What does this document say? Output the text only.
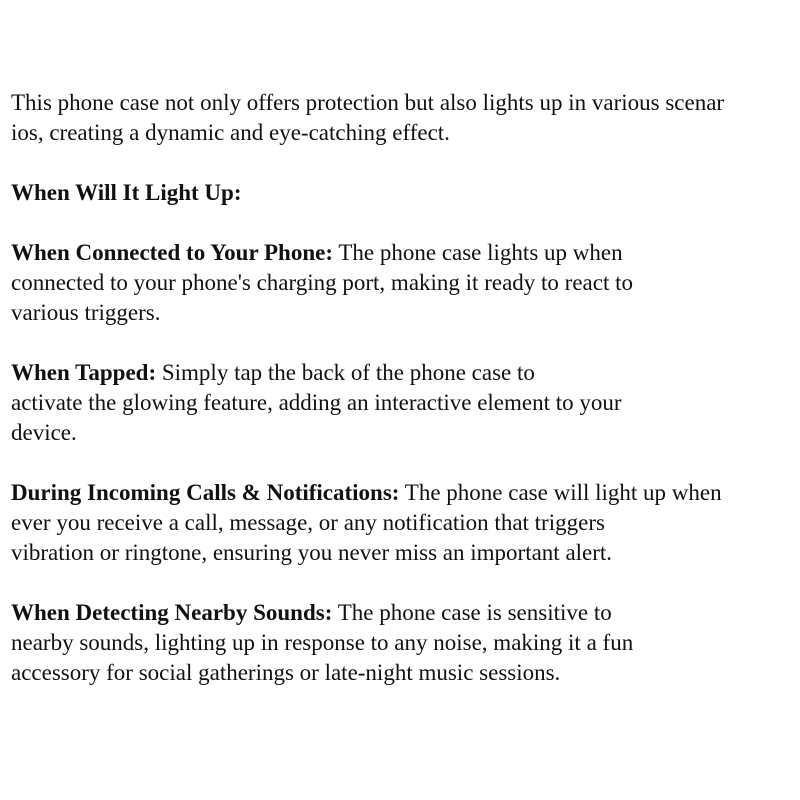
This phone case not only offers protection but also lights up in various scenar
ios, creating a dynamic and eye-catching effect.

When Will It Light Up:

When Connected to Your Phone: The phone case lights up when
connected to your phone's charging port, making it ready to react to
various triggers.

When Tapped: Simply tap the back of the phone case to
activate the glowing feature, adding an interactive element to your
device.

During Incoming Calls & Notifications: The phone case will light up when
ever you receive a call, message, or any notification that triggers
vibration or ringtone, ensuring you never miss an important alert.

When Detecting Nearby Sounds: The phone case is sensitive to
nearby sounds, lighting up in response to any noise, making it a fun
accessory for social gatherings or late-night music sessions.
